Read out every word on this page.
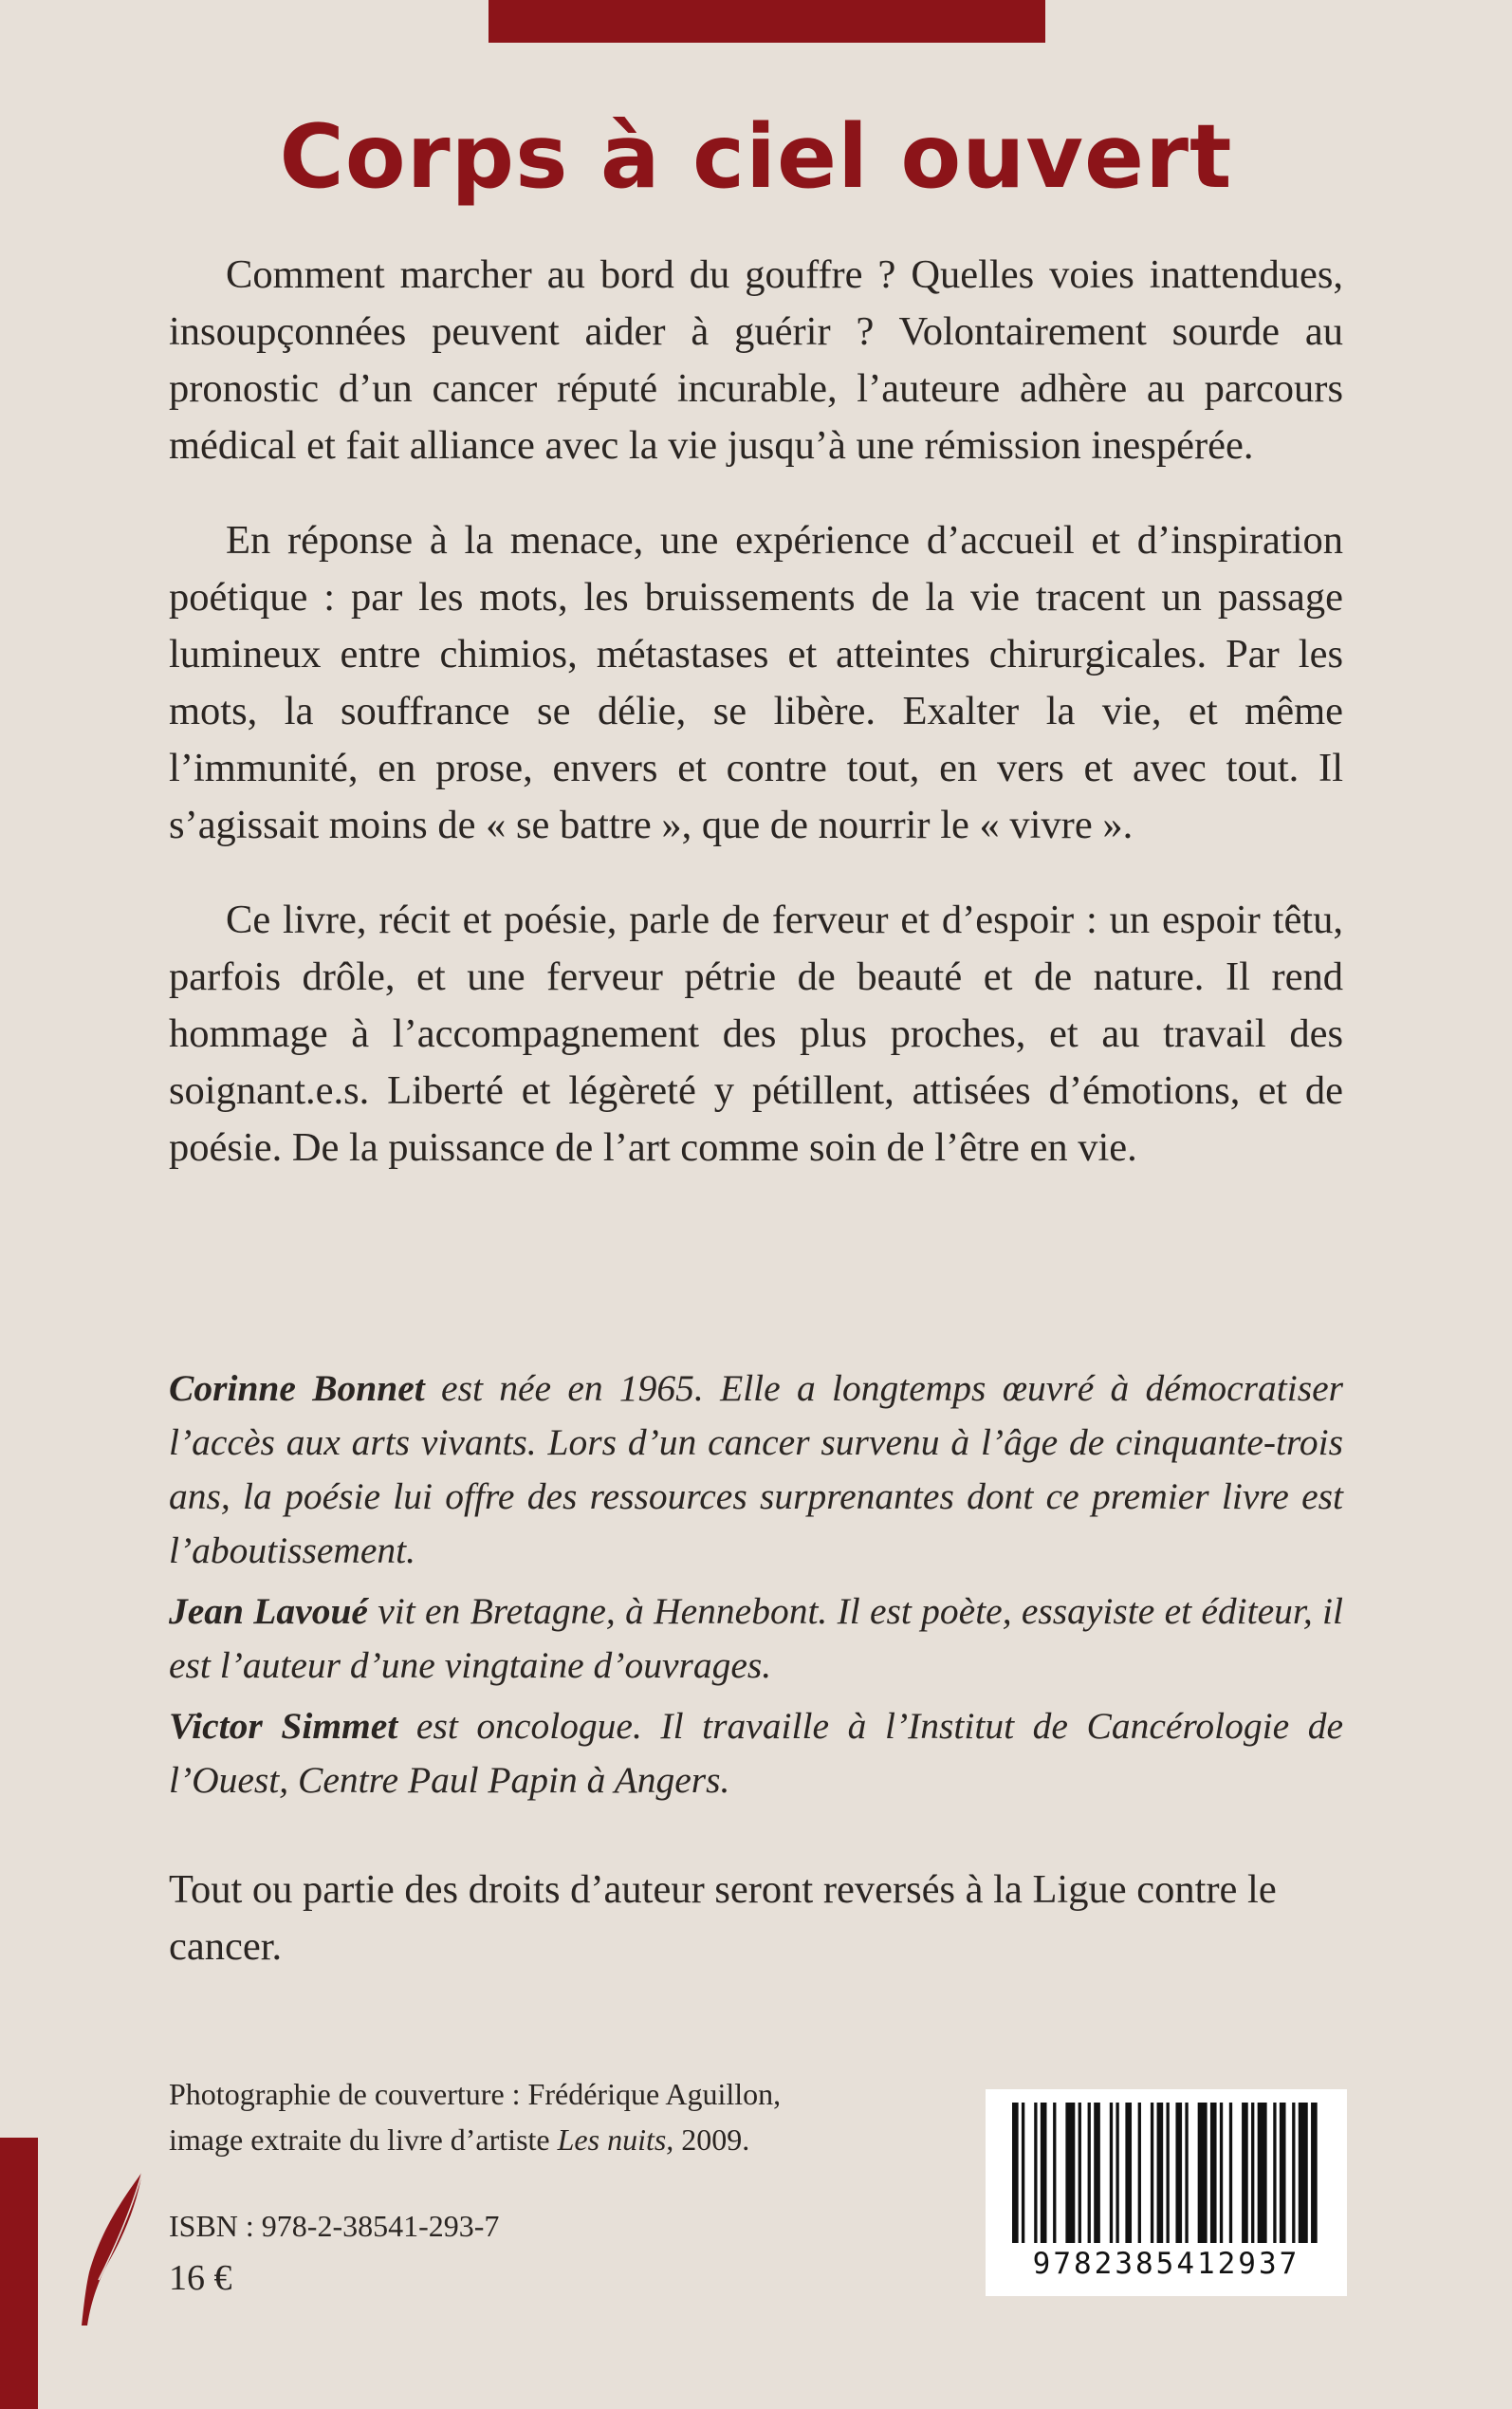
Corps à ciel ouvert

Comment marcher au bord du gouffre ? Quelles voies inattendues, insoupçonnées peuvent aider à guérir ? Volontairement sourde au pronostic d’un cancer réputé incurable, l’auteure adhère au parcours médical et fait alliance avec la vie jusqu’à une rémission inespérée.

En réponse à la menace, une expérience d’accueil et d’inspiration poétique : par les mots, les bruissements de la vie tracent un passage lumineux entre chimios, métastases et atteintes chirurgicales. Par les mots, la souffrance se délie, se libère. Exalter la vie, et même l’immunité, en prose, envers et contre tout, en vers et avec tout. Il s’agissait moins de « se battre », que de nourrir le « vivre ».

Ce livre, récit et poésie, parle de ferveur et d’espoir : un espoir têtu, parfois drôle, et une ferveur pétrie de beauté et de nature. Il rend hommage à l’accompagnement des plus proches, et au travail des soignant.e.s. Liberté et légèreté y pétillent, attisées d’émotions, et de poésie. De la puissance de l’art comme soin de l’être en vie.

Corinne Bonnet est née en 1965. Elle a longtemps œuvré à démocratiser l’accès aux arts vivants. Lors d’un cancer survenu à l’âge de cinquante-trois ans, la poésie lui offre des ressources surprenantes dont ce premier livre est l’aboutissement.

Jean Lavoué vit en Bretagne, à Hennebont. Il est poète, essayiste et éditeur, il est l’auteur d’une vingtaine d’ouvrages.

Victor Simmet est oncologue. Il travaille à l’Institut de Cancérologie de l’Ouest, Centre Paul Papin à Angers.

Tout ou partie des droits d’auteur seront reversés à la Ligue contre le cancer.

Photographie de couverture : Frédérique Aguillon,
image extraite du livre d’artiste Les nuits, 2009.
ISBN : 978-2-38541-293-7
16 €	9782385412937
